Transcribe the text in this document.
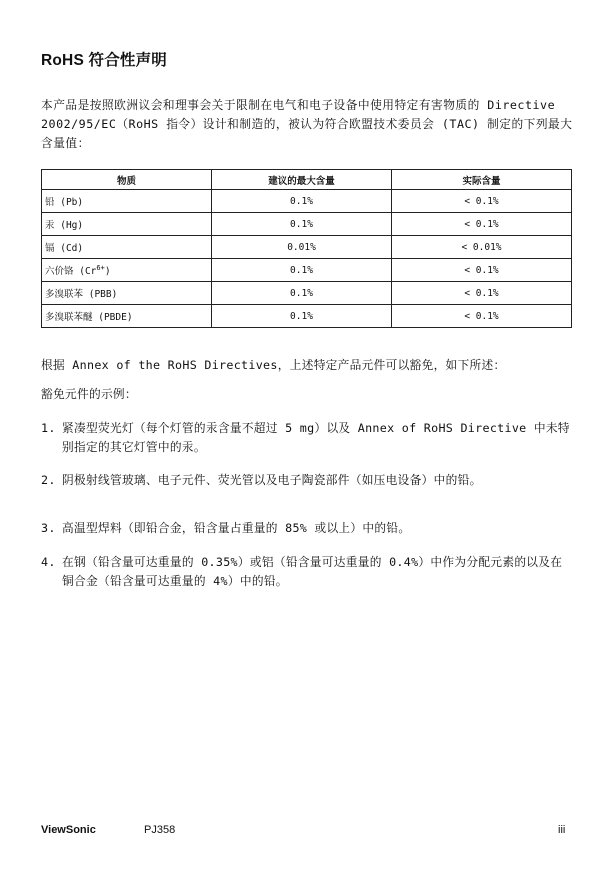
RoHS 符合性声明
本产品是按照欧洲议会和理事会关于限制在电气和电子设备中使用特定有害物质的 Directive 2002/95/EC（RoHS 指令）设计和制造的，被认为符合欧盟技术委员会 (TAC) 制定的下列最大含量值：
物质	建议的最大含量	实际含量
铅 (Pb)	0.1%	< 0.1%
汞 (Hg)	0.1%	< 0.1%
镉 (Cd)	0.01%	< 0.01%
六价铬 $(Cr^{6+})$	0.1%	< 0.1%
多溴联苯 (PBB)	0.1%	< 0.1%
多溴联苯醚 (PBDE)	0.1%	< 0.1%
根据 Annex of the RoHS Directives，上述特定产品元件可以豁免，如下所述：
豁免元件的示例：
1. 紧凑型荧光灯（每个灯管的汞含量不超过 5 mg）以及 Annex of RoHS Directive 中未特别指定的其它灯管中的汞。
2. 阴极射线管玻璃、电子元件、荧光管以及电子陶瓷部件（如压电设备）中的铅。
3. 高温型焊料（即铅合金，铅含量占重量的 85% 或以上）中的铅。
4. 在钢（铅含量可达重量的 0.35%）或铝（铅含量可达重量的 0.4%）中作为分配元素的以及在铜合金（铅含量可达重量的 4%）中的铅。
ViewSonic	PJ358	iii
